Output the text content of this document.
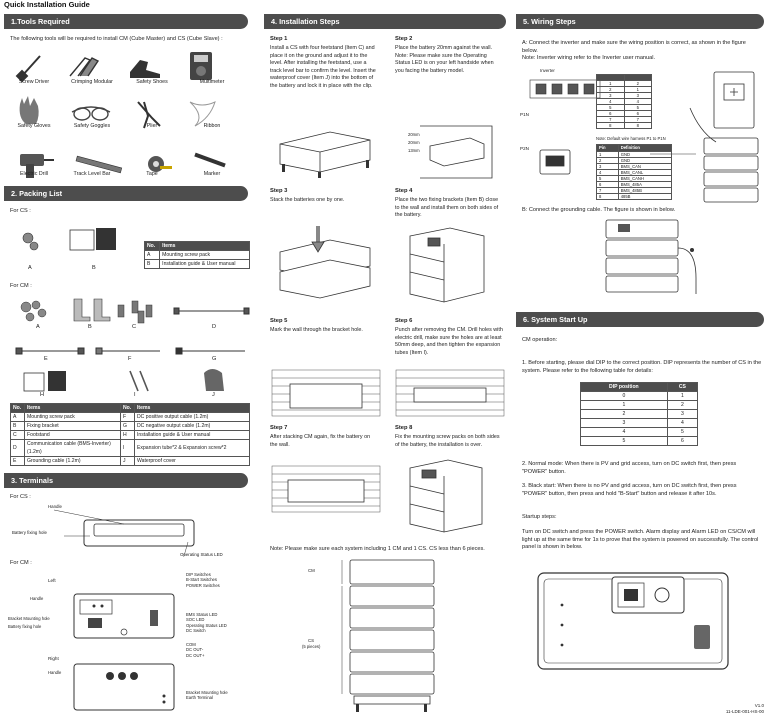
Quick Installation Guide
1.Tools Required
The following tools will be required to install CM (Cube Master) and CS (Cube Slave) :
Screw Driver	Crimping Modular	Safety Shoes	Multimeter
Safety Gloves	Safety Goggles	Plier	Ribbon
Electric Drill	Track Level Bar	Tape	Marker
2. Packing List
For CS :
A	B
No.	Items
A	Mounting screw pack
B	Installation guide & User manual
For CM :
A	B	C	D
E	F	G
H	I	J
No.	Items	No.	Items
A	Mounting screw pack	F	DC positive output cable (1.2m)
B	Fixing bracket	G	DC negative output cable (1.2m)
C	Footstand	H	Installation guide & User manual
D	Communication cable (BMS-Inverter) (1.2m)	I	Expansion tube*2 & Expansion screw*2
E	Grounding cable (1.2m)	J	Waterproof cover
3. Terminals
For CS :
Handle
Battery fixing hole
Operating Status LED
For CM :
Left
Handle
Bracket Mounting hole
Battery fixing hole
DIP Switches
B-Start Switches
POWER Switches
BMS Status LED
SOC LED
Operating Status LED
DC Switch
COM
DC OUT-
DC OUT+
Right
Handle
Bracket Mounting hole
Earth Terminal
4. Installation Steps
Step 1
Install a CS with four feetstand (Item C) and place it on the ground and adjust it to the level. After installing the feetstand, use a track level bar to confirm the level. Insert the waterproof cover (Item J) into the bottom of the battery and lock it in place with the clip.
Step 2
Place the battery 20mm against the wall. Note: Please make sure the Operating Status LED is on your left handside when you facing the battery model.
20mm
20mm
13mm
Step 3
Stack the batteries one by one.
Step 4
Place the two fixing brackets (Item B) close to the wall and install them on both sides of the battery.
Step 5
Mark the wall through the bracket hole.
Step 6
Punch after removing the CM. Drill holes with electric drill, make sure the holes are at least 50mm deep, and then tighten the expansion tubes (Item I).
Step 7
After stacking CM again, fix the battery on the wall.
Step 8
Fix the mounting screw packs on both sides of the battery, the installation is over.
Note: Please make sure each system including 1 CM and 1 CS. CS less than 6 pieces.
CM
CS
(5 pieces)
5. Wiring Steps
A: Connect the inverter and make sure the wiring position is correct, as shown in the figure below.
Note: Inverter wiring refer to the Inverter user manual.
Inverter
P2N
P1N

1	2
2	1
3	3
4	4
5	5
6	6
7	7
8	8
Note: Default wire harness P1 to P1N
Pin	Definition
1	GND
2	GND
3	BMS_CAN
4	BMS_CANL
5	BMS_CANH
6	BMS_485A
7	BMS_485B
8	485B
B: Connect the grounding cable. The figure is shown in below.
6. System Start Up
CM operation:
1. Before starting, please dial DIP to the correct position. DIP represents the number of CS in the system. Please refer to the following table for details:
DIP position	CS
0	1
1	2
2	3
3	4
4	5
5	6
2. Normal mode: When there is PV and grid access, turn on DC switch first, then press "POWER" button.
3. Black start: When there is no PV and grid access, turn on DC switch first, then press "POWER" button, then press and hold "B-Start" button and release it after 10s.
Startup steps:
Turn on DC switch and press the POWER switch. Alarm display and Alarm LED on CS/CM will light up at the same time for 1s to prove that the system is powered on successfully. The control panel is shown in below.
V1.0
11-LDE-001-HS-00
